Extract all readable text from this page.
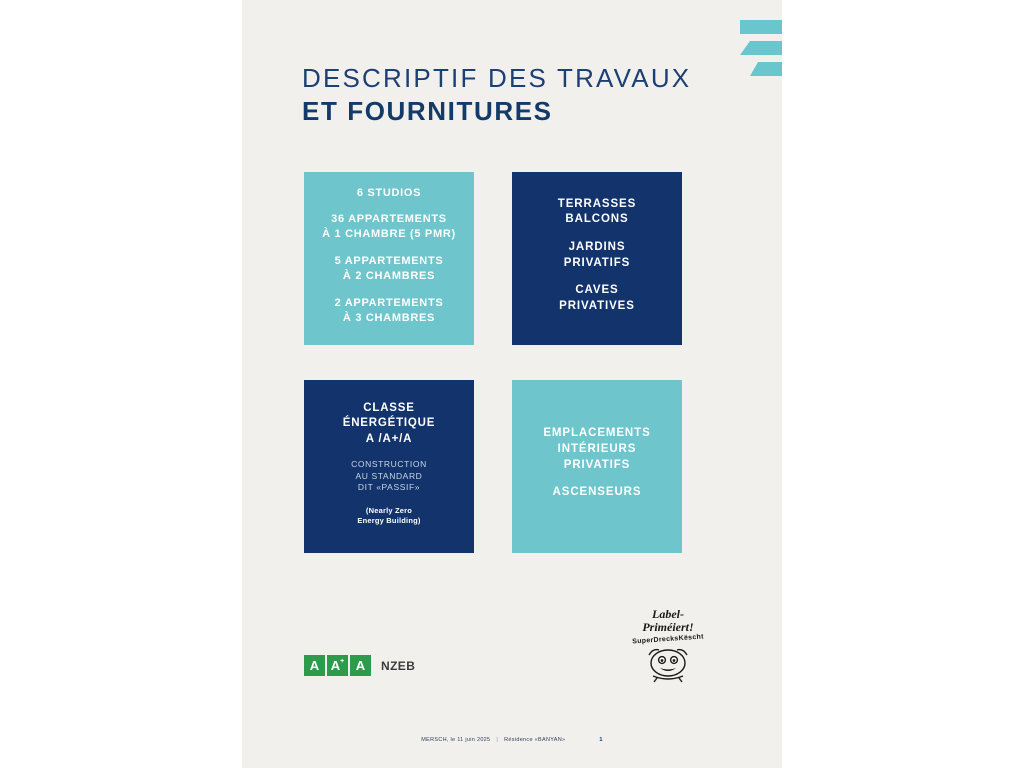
DESCRIPTIF DES TRAVAUX
ET FOURNITURES
6 STUDIOS
36 APPARTEMENTS
À 1 CHAMBRE (5 PMR)
5 APPARTEMENTS
À 2 CHAMBRES
2 APPARTEMENTS
À 3 CHAMBRES
TERRASSES
BALCONS
JARDINS
PRIVATIFS
CAVES
PRIVATIVES
CLASSE
ÉNERGÉTIQUE
A /A+/A
CONSTRUCTION
AU STANDARD
DIT «PASSIF»
(Nearly Zero
Energy Building)
EMPLACEMENTS
INTÉRIEURS
PRIVATIFS
ASCENSEURS
A A+ A NZEB
Label-
Priméiert!
SuperDrecksKëscht
MERSCH, le 11 juin 2025 | Résidence «BANYAN»	1
